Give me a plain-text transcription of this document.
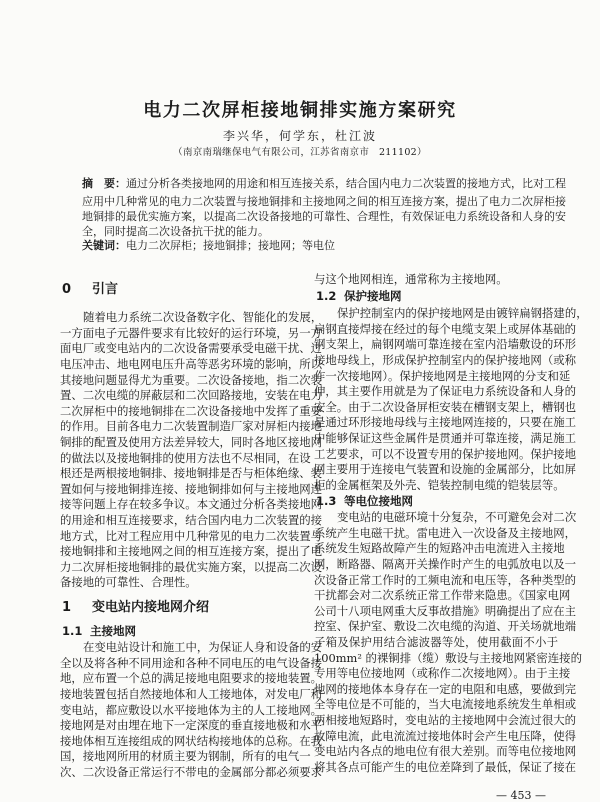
电力二次屏柜接地铜排实施方案研究
李兴华，何学东，杜江波
（南京南瑞继保电气有限公司，江苏省南京市　211102）
摘　要：通过分析各类接地网的用途和相互连接关系，结合国内电力二次装置的接地方式，比对工程
应用中几种常见的电力二次装置与接地铜排和主接地网之间的相互连接方案，提出了电力二次屏柜接
地铜排的最优实施方案，以提高二次设备接地的可靠性、合理性，有效保证电力系统设备和人身的安
全，同时提高二次设备抗干扰的能力。
关键词：电力二次屏柜；接地铜排；接地网；等电位
0 引言
随着电力系统二次设备数字化、智能化的发展，
一方面电子元器件要求有比较好的运行环境，另一方
面电厂或变电站内的二次设备需要承受电磁干扰、过
电压冲击、地电网电压升高等恶劣环境的影响，所以
其接地问题显得尤为重要。二次设备接地，指二次装
置、二次电缆的屏蔽层和二次回路接地，安装在电力
二次屏柜中的接地铜排在二次设备接地中发挥了重要
的作用。目前各电力二次装置制造厂家对屏柜内接地
铜排的配置及使用方法差异较大，同时各地区接地网
的做法以及接地铜排的使用方法也不尽相同，在设
根还是两根接地铜排、接地铜排是否与柜体绝缘、装
置如何与接地铜排连接、接地铜排如何与主接地网连
接等问题上存在较多争议。本文通过分析各类接地网
的用途和相互连接要求，结合国内电力二次装置的接
地方式，比对工程应用中几种常见的电力二次装置与
接地铜排和主接地网之间的相互连接方案，提出了电
力二次屏柜接地铜排的最优实施方案，以提高二次设
备接地的可靠性、合理性。
1 变电站内接地网介绍
1.1 主接地网
在变电站设计和施工中，为保证人身和设备的安
全以及将各种不同用途和各种不同电压的电气设备接
地，应布置一个总的满足接地电阻要求的接地装置。
接地装置包括自然接地体和人工接地体，对发电厂和
变电站，都应敷设以水平接地体为主的人工接地网。
接地网是对由埋在地下一定深度的垂直接地极和水平
接地体相互连接组成的网状结构接地体的总称。在我
国，接地网所用的材质主要为钢制，所有的电气一
次、二次设备正常运行不带电的金属部分都必须要求
与这个地网相连，通常称为主接地网。
1.2 保护接地网
保护控制室内的保护接地网是由镀锌扁钢搭建的，
扁钢直接焊接在经过的每个电缆支架上或屏体基础的
钢支架上，扁钢网端可靠连接在室内沿墙敷设的环形
接地母线上，形成保护控制室内的保护接地网（或称
作一次接地网）。保护接地网是主接地网的分支和延
伸，其主要作用就是为了保证电力系统设备和人身的
安全。由于二次设备屏柜安装在槽钢支架上，槽钢也
是通过环形接地母线与主接地网连接的，只要在施工
中能够保证这些金属件是贯通并可靠连接，满足施工
工艺要求，可以不设置专用的保护接地网。保护接地
网主要用于连接电气装置和设施的金属部分，比如屏
柜的金属框架及外壳、铠装控制电缆的铠装层等。
1.3 等电位接地网
变电站的电磁环境十分复杂，不可避免会对二次
系统产生电磁干扰。雷电进入一次设备及主接地网，
系统发生短路故障产生的短路冲击电流进入主接地
网，断路器、隔离开关操作时产生的电弧放电以及一
次设备正常工作时的工频电流和电压等，各种类型的
干扰都会对二次系统正常工作带来隐患。《国家电网
公司十八项电网重大反事故措施》明确提出了应在主
控室、保护室、敷设二次电缆的沟道、开关场就地端
子箱及保护用结合滤波器等处，使用截面不小于
100mm² 的裸铜排（缆）敷设与主接地网紧密连接的
专用等电位接地网（或称作二次接地网）。由于主接
地网的接地体本身存在一定的电阻和电感，要做到完
全等电位是不可能的，当大电流接地系统发生单相或
两相接地短路时，变电站的主接地网中会流过很大的
故障电流，此电流流过接地体时会产生电压降，使得
变电站内各点的地电位有很大差别。而等电位接地网
将其各点可能产生的电位差降到了最低，保证了接在
— 453 —
